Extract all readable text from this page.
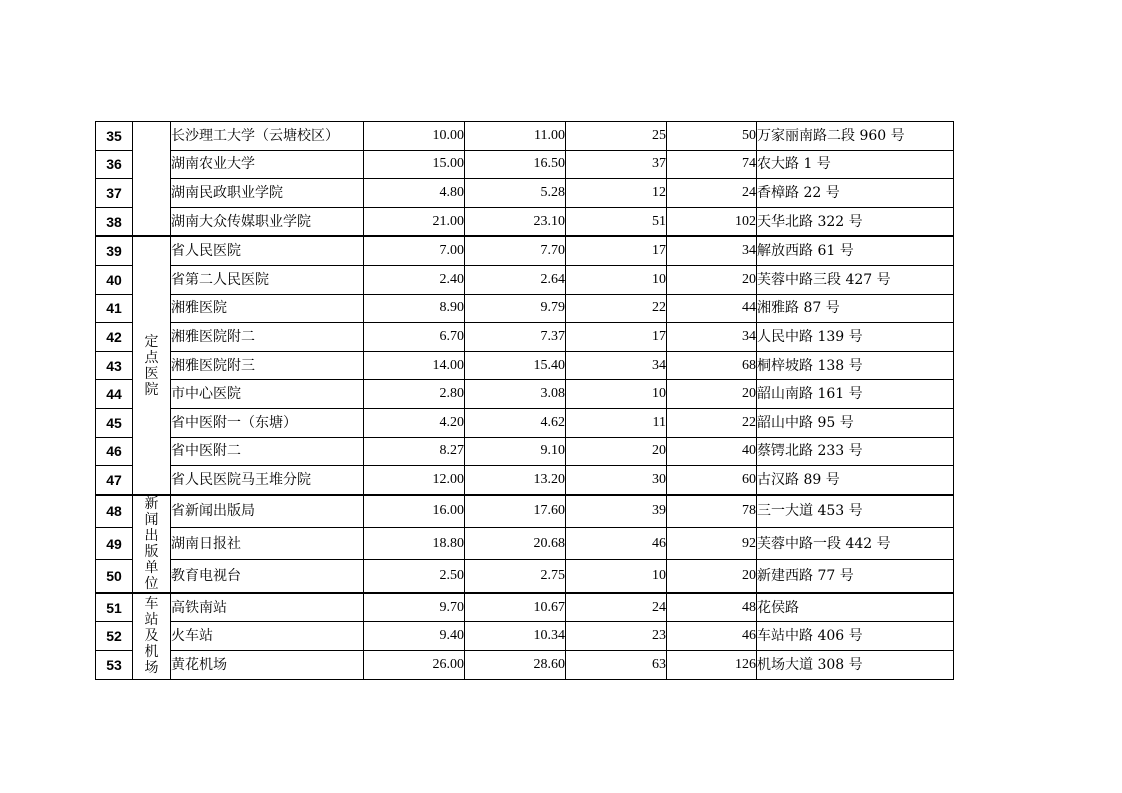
35		长沙理工大学（云塘校区）	10.00	11.00	25	50	万家丽南路二段 960 号
36		湖南农业大学	15.00	16.50	37	74	农大路 1 号
37		湖南民政职业学院	4.80	5.28	12	24	香樟路 22 号
38		湖南大众传媒职业学院	21.00	23.10	51	102	天华北路 322 号
39	定点医院	省人民医院	7.00	7.70	17	34	解放西路 61 号
40		省第二人民医院	2.40	2.64	10	20	芙蓉中路三段 427 号
41		湘雅医院	8.90	9.79	22	44	湘雅路 87 号
42		湘雅医院附二	6.70	7.37	17	34	人民中路 139 号
43		湘雅医院附三	14.00	15.40	34	68	桐梓坡路 138 号
44		市中心医院	2.80	3.08	10	20	韶山南路 161 号
45		省中医附一（东塘）	4.20	4.62	11	22	韶山中路 95 号
46		省中医附二	8.27	9.10	20	40	蔡锷北路 233 号
47		省人民医院马王堆分院	12.00	13.20	30	60	古汉路 89 号
48	新闻出版单位	省新闻出版局	16.00	17.60	39	78	三一大道 453 号
49		湖南日报社	18.80	20.68	46	92	芙蓉中路一段 442 号
50		教育电视台	2.50	2.75	10	20	新建西路 77 号
51	车站及机场	高铁南站	9.70	10.67	24	48	花侯路
52		火车站	9.40	10.34	23	46	车站中路 406 号
53		黄花机场	26.00	28.60	63	126	机场大道 308 号
